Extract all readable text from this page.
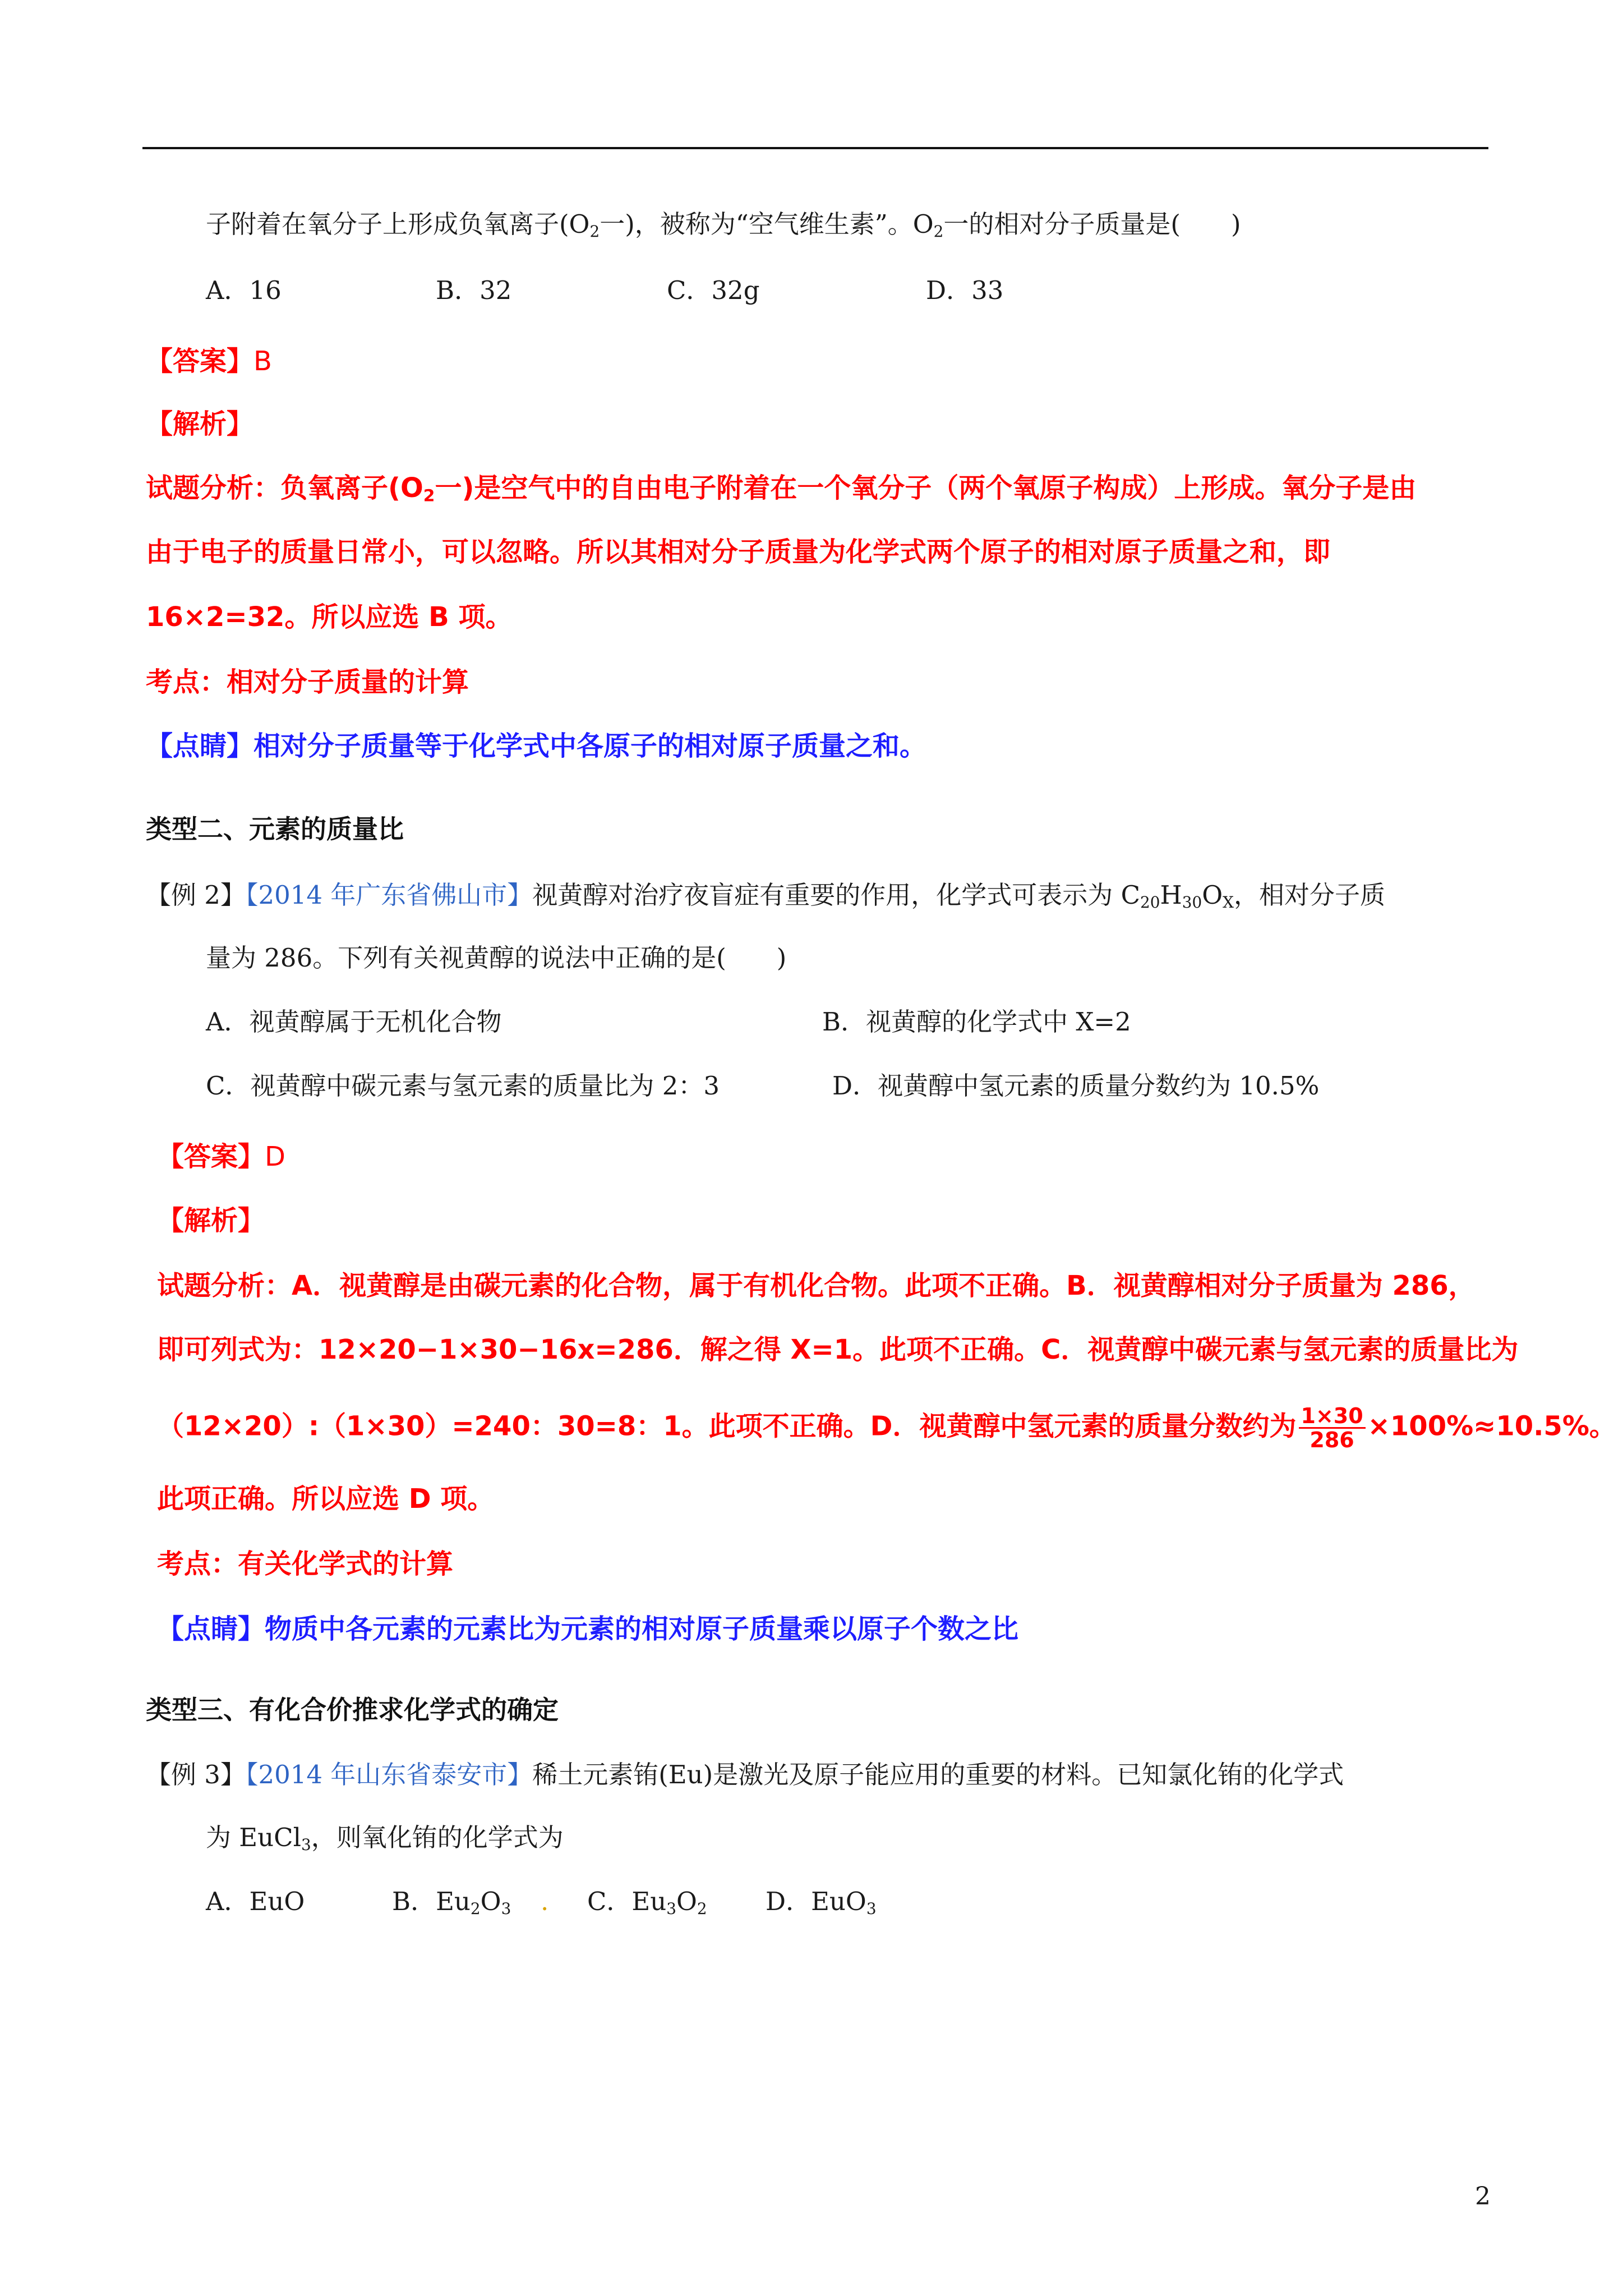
子附着在氧分子上形成负氧离子($O_2$一)，被称为“空气维生素”。$O_2$一的相对分子质量是(　　)
A．16	B．32	C．32g	D．33
【答案】B
【解析】
试题分析：负氧离子($O_2$一)是空气中的自由电子附着在一个氧分子（两个氧原子构成）上形成。氧分子是由
由于电子的质量日常小，可以忽略。所以其相对分子质量为化学式两个原子的相对原子质量之和，即
16×2=32。所以应选 B 项。
考点：相对分子质量的计算
【点睛】相对分子质量等于化学式中各原子的相对原子质量之和。
类型二、元素的质量比
【例 2】【2014 年广东省佛山市】视黄醇对治疗夜盲症有重要的作用，化学式可表示为 $C_{20}H_{30}O_X$，相对分子质
量为 286。下列有关视黄醇的说法中正确的是(　　)
A．视黄醇属于无机化合物	B．视黄醇的化学式中 X=2
C．视黄醇中碳元素与氢元素的质量比为 2：3	D．视黄醇中氢元素的质量分数约为 10.5%
【答案】D
【解析】
试题分析：A．视黄醇是由碳元素的化合物，属于有机化合物。此项不正确。B．视黄醇相对分子质量为 286，
即可列式为：12×20−1×30−16x=286．解之得 X=1。此项不正确。C．视黄醇中碳元素与氢元素的质量比为
（12×20）:（1×30）=240：30=8：1。此项不正确。D．视黄醇中氢元素的质量分数约为 $\frac{1\times 30}{286} \times 100\%\approx 10.5\%$。
此项正确。所以应选 D 项。
考点：有关化学式的计算
【点睛】物质中各元素的元素比为元素的相对原子质量乘以原子个数之比
类型三、有化合价推求化学式的确定
【例 3】【2014 年山东省泰安市】稀土元素铕(Eu)是激光及原子能应用的重要的材料。已知氯化铕的化学式
为 EuCl$_3$，则氧化铕的化学式为
A．EuO	B．$Eu_2O_3$ . C．$Eu_3O_2$ D．EuO$_3$
2
